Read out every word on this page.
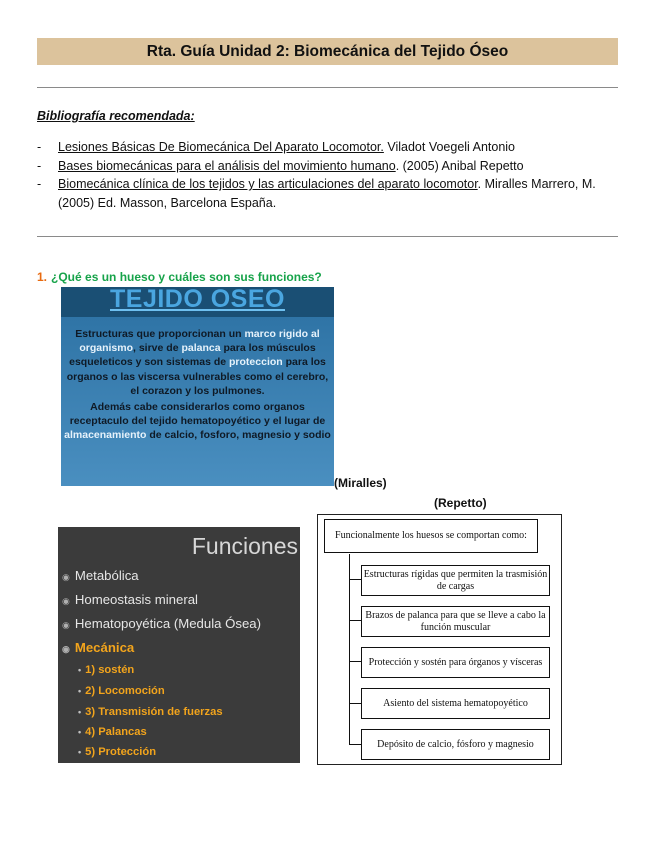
Rta. Guía Unidad 2: Biomecánica del Tejido Óseo
Bibliografía recomendada:
- Lesiones Básicas De Biomecánica Del Aparato Locomotor. Viladot Voegeli Antonio
- Bases biomecánicas para el análisis del movimiento humano. (2005) Anibal Repetto
- Biomecánica clínica de los tejidos y las articulaciones del aparato locomotor. Miralles Marrero, M. (2005) Ed. Masson, Barcelona España.
1. ¿Qué es un hueso y cuáles son sus funciones?
TEJIDO OSEO
Estructuras que proporcionan un marco rigido al organismo, sirve de palanca para los músculos esqueleticos y son sistemas de proteccion para los organos o las viscersa vulnerables como el cerebro, el corazon y los pulmones.
Además cabe considerarlos como organos receptaculo del tejido hematopoyético y el lugar de almacenamiento de calcio, fosforo, magnesio y sodio
(Miralles)
(Repetto)
Funciones
◉ Metabólica
◉ Homeostasis mineral
◉ Hematopoyética (Medula Ósea)
◉ Mecánica
• 1) sostén
• 2) Locomoción
• 3) Transmisión de fuerzas
• 4) Palancas
• 5) Protección
Funcionalmente los huesos se comportan como:
Estructuras rígidas que permiten la trasmisión de cargas
Brazos de palanca para que se lleve a cabo la función muscular
Protección y sostén para órganos y vísceras
Asiento del sistema hematopoyético
Depósito de calcio, fósforo y magnesio
